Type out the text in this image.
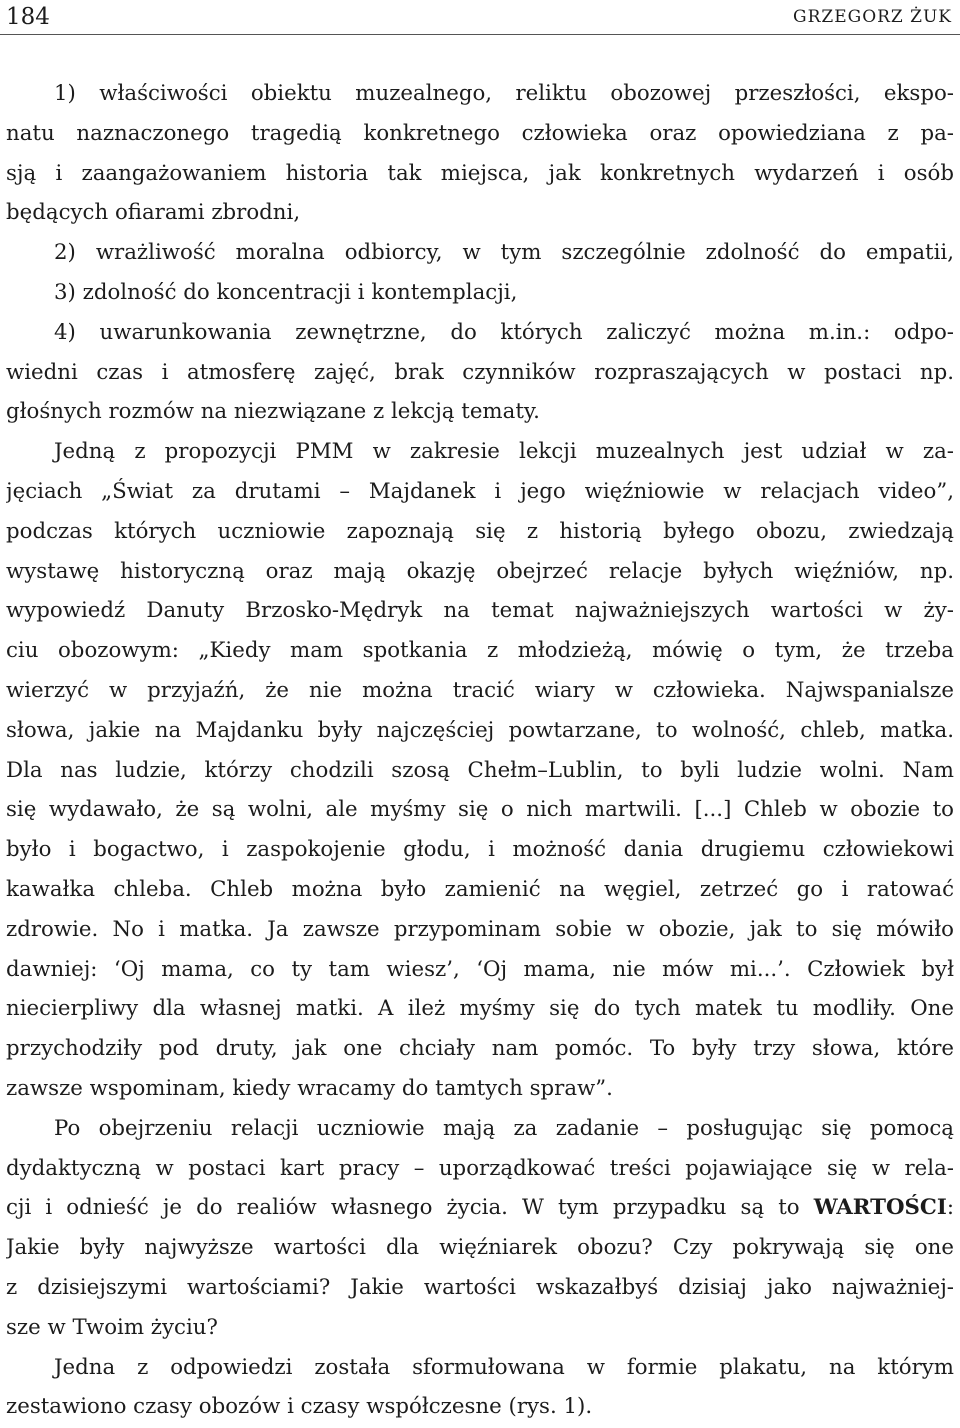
184	GRZEGORZ ŻUK
1) właściwości obiektu muzealnego, reliktu obozowej przeszłości, ekspo-
natu naznaczonego tragedią konkretnego człowieka oraz opowiedziana z pa-
sją i zaangażowaniem historia tak miejsca, jak konkretnych wydarzeń i osób
będących ofiarami zbrodni,
2) wrażliwość moralna odbiorcy, w tym szczególnie zdolność do empatii,
3) zdolność do koncentracji i kontemplacji,
4) uwarunkowania zewnętrzne, do których zaliczyć można m.in.: odpo-
wiedni czas i atmosferę zajęć, brak czynników rozpraszających w postaci np.
głośnych rozmów na niezwiązane z lekcją tematy.
Jedną z propozycji PMM w zakresie lekcji muzealnych jest udział w za-
jęciach „Świat za drutami – Majdanek i jego więźniowie w relacjach video”,
podczas których uczniowie zapoznają się z historią byłego obozu, zwiedzają
wystawę historyczną oraz mają okazję obejrzeć relacje byłych więźniów, np.
wypowiedź Danuty Brzosko-Mędryk na temat najważniejszych wartości w ży-
ciu obozowym: „Kiedy mam spotkania z młodzieżą, mówię o tym, że trzeba
wierzyć w przyjaźń, że nie można tracić wiary w człowieka. Najwspanialsze
słowa, jakie na Majdanku były najczęściej powtarzane, to wolność, chleb, matka.
Dla nas ludzie, którzy chodzili szosą Chełm–Lublin, to byli ludzie wolni. Nam
się wydawało, że są wolni, ale myśmy się o nich martwili. [...] Chleb w obozie to
było i bogactwo, i zaspokojenie głodu, i możność dania drugiemu człowiekowi
kawałka chleba. Chleb można było zamienić na węgiel, zetrzeć go i ratować
zdrowie. No i matka. Ja zawsze przypominam sobie w obozie, jak to się mówiło
dawniej: ‘Oj mama, co ty tam wiesz’, ‘Oj mama, nie mów mi...’. Człowiek był
niecierpliwy dla własnej matki. A ileż myśmy się do tych matek tu modliły. One
przychodziły pod druty, jak one chciały nam pomóc. To były trzy słowa, które
zawsze wspominam, kiedy wracamy do tamtych spraw”.
Po obejrzeniu relacji uczniowie mają za zadanie – posługując się pomocą
dydaktyczną w postaci kart pracy – uporządkować treści pojawiające się w rela-
cji i odnieść je do realiów własnego życia. W tym przypadku są to WARTOŚCI:
Jakie były najwyższe wartości dla więźniarek obozu? Czy pokrywają się one
z dzisiejszymi wartościami? Jakie wartości wskazałbyś dzisiaj jako najważniej-
sze w Twoim życiu?
Jedna z odpowiedzi została sformułowana w formie plakatu, na którym
zestawiono czasy obozów i czasy współczesne (rys. 1).
